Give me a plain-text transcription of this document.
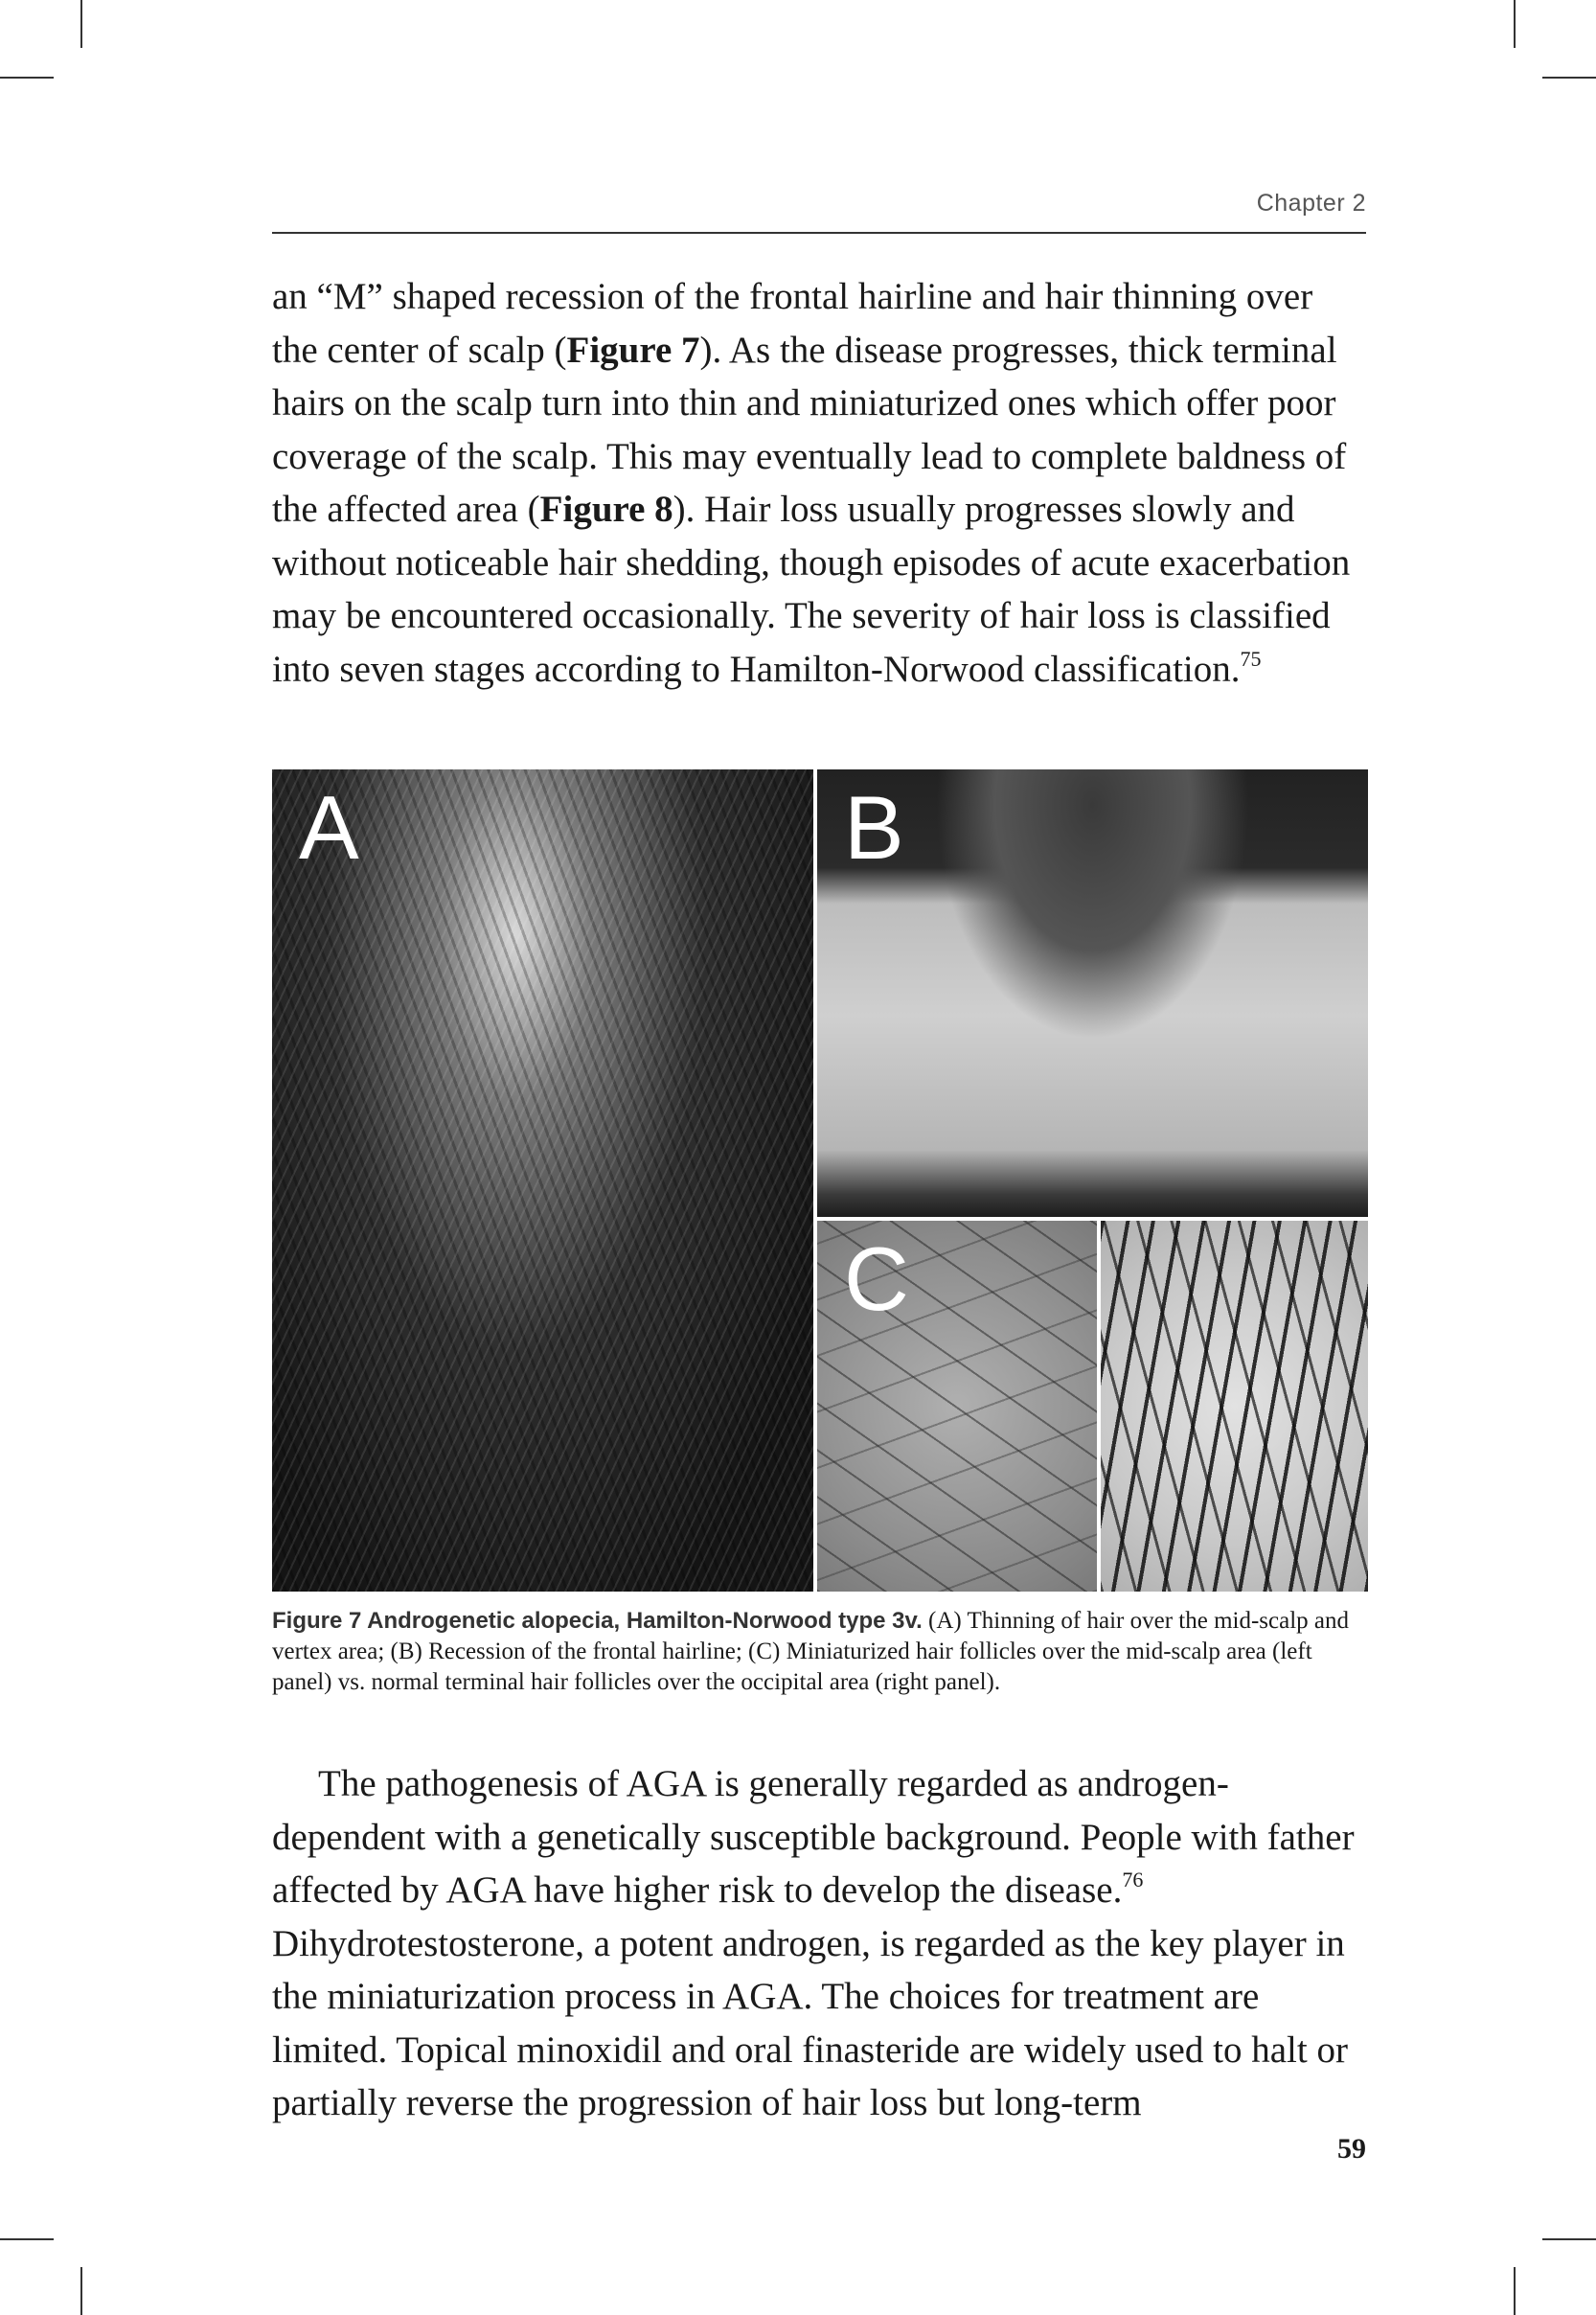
Chapter 2

an “M” shaped recession of the frontal hairline and hair thinning over the center of scalp (Figure 7). As the disease progresses, thick terminal hairs on the scalp turn into thin and miniaturized ones which offer poor coverage of the scalp. This may eventually lead to complete baldness of the affected area (Figure 8). Hair loss usually progresses slowly and without noticeable hair shedding, though episodes of acute exacerbation may be encountered occasionally. The severity of hair loss is classified into seven stages according to Hamilton-Norwood classification.$^{75}$

A	B
C
Figure 7 Androgenetic alopecia, Hamilton-Norwood type 3v. (A) Thinning of hair over the mid-scalp and vertex area; (B) Recession of the frontal hairline; (C) Miniaturized hair follicles over the mid-scalp area (left panel) vs. normal terminal hair follicles over the occipital area (right panel).

The pathogenesis of AGA is generally regarded as androgen-dependent with a genetically susceptible background. People with father affected by AGA have higher risk to develop the disease.$^{76}$ Dihydrotestosterone, a potent androgen, is regarded as the key player in the miniaturization process in AGA. The choices for treatment are limited. Topical minoxidil and oral finasteride are widely used to halt or partially reverse the progression of hair loss but long-term

59
